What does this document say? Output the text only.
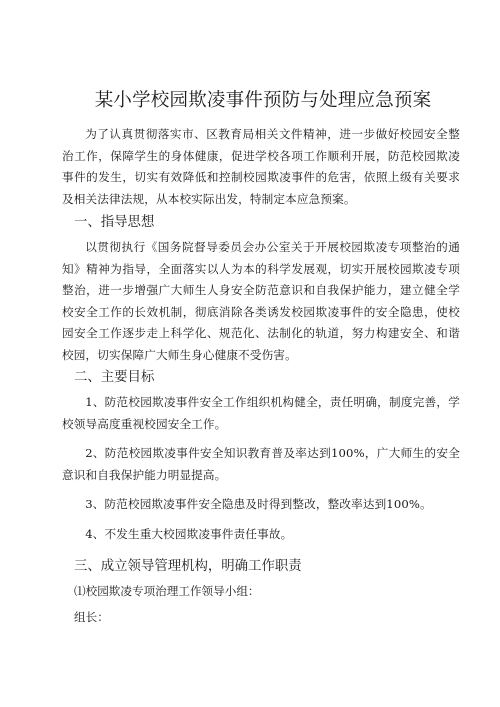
某小学校园欺凌事件预防与处理应急预案

为了认真贯彻落实市、区教育局相关文件精神，进一步做好校园安全整治工作，保障学生的身体健康，促进学校各项工作顺利开展，防范校园欺凌事件的发生，切实有效降低和控制校园欺凌事件的危害，依照上级有关要求及相关法律法规，从本校实际出发，特制定本应急预案。

一、指导思想

以贯彻执行《国务院督导委员会办公室关于开展校园欺凌专项整治的通知》精神为指导，全面落实以人为本的科学发展观，切实开展校园欺凌专项整治，进一步增强广大师生人身安全防范意识和自我保护能力，建立健全学校安全工作的长效机制，彻底消除各类诱发校园欺凌事件的安全隐患，使校园安全工作逐步走上科学化、规范化、法制化的轨道，努力构建安全、和谐校园，切实保障广大师生身心健康不受伤害。

二、主要目标

1、防范校园欺凌事件安全工作组织机构健全，责任明确，制度完善，学校领导高度重视校园安全工作。

2、防范校园欺凌事件安全知识教育普及率达到100%，广大师生的安全意识和自我保护能力明显提高。

3、防范校园欺凌事件安全隐患及时得到整改，整改率达到100%。

4、不发生重大校园欺凌事件责任事故。

三、成立领导管理机构，明确工作职责

⑴校园欺凌专项治理工作领导小组：

组长：
